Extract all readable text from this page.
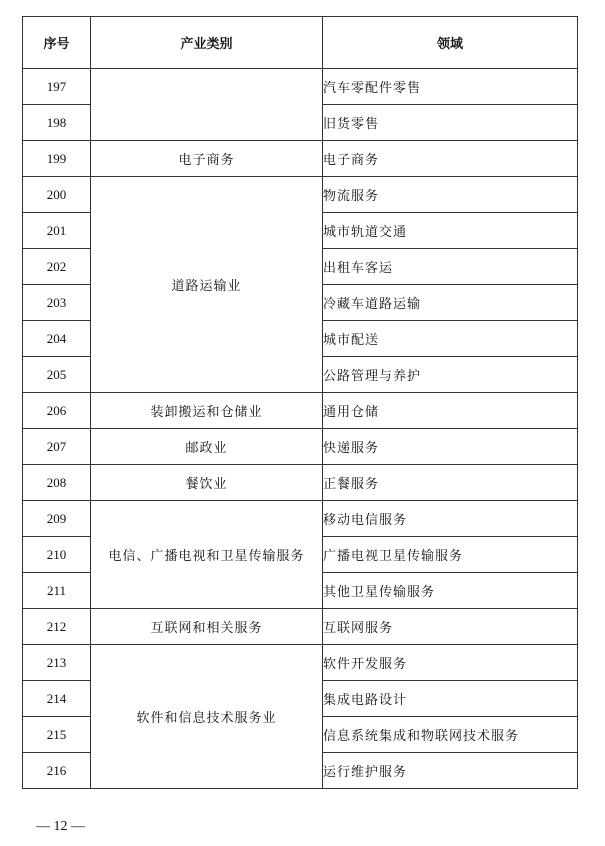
序号	产业类别	领域
197		汽车零配件零售
198		旧货零售
199	电子商务	电子商务
200	道路运输业	物流服务
201		城市轨道交通
202		出租车客运
203		冷藏车道路运输
204		城市配送
205		公路管理与养护
206	装卸搬运和仓储业	通用仓储
207	邮政业	快递服务
208	餐饮业	正餐服务
209	电信、广播电视和卫星传输服务	移动电信服务
210		广播电视卫星传输服务
211		其他卫星传输服务
212	互联网和相关服务	互联网服务
213	软件和信息技术服务业	软件开发服务
214		集成电路设计
215		信息系统集成和物联网技术服务
216		运行维护服务
— 12 —
